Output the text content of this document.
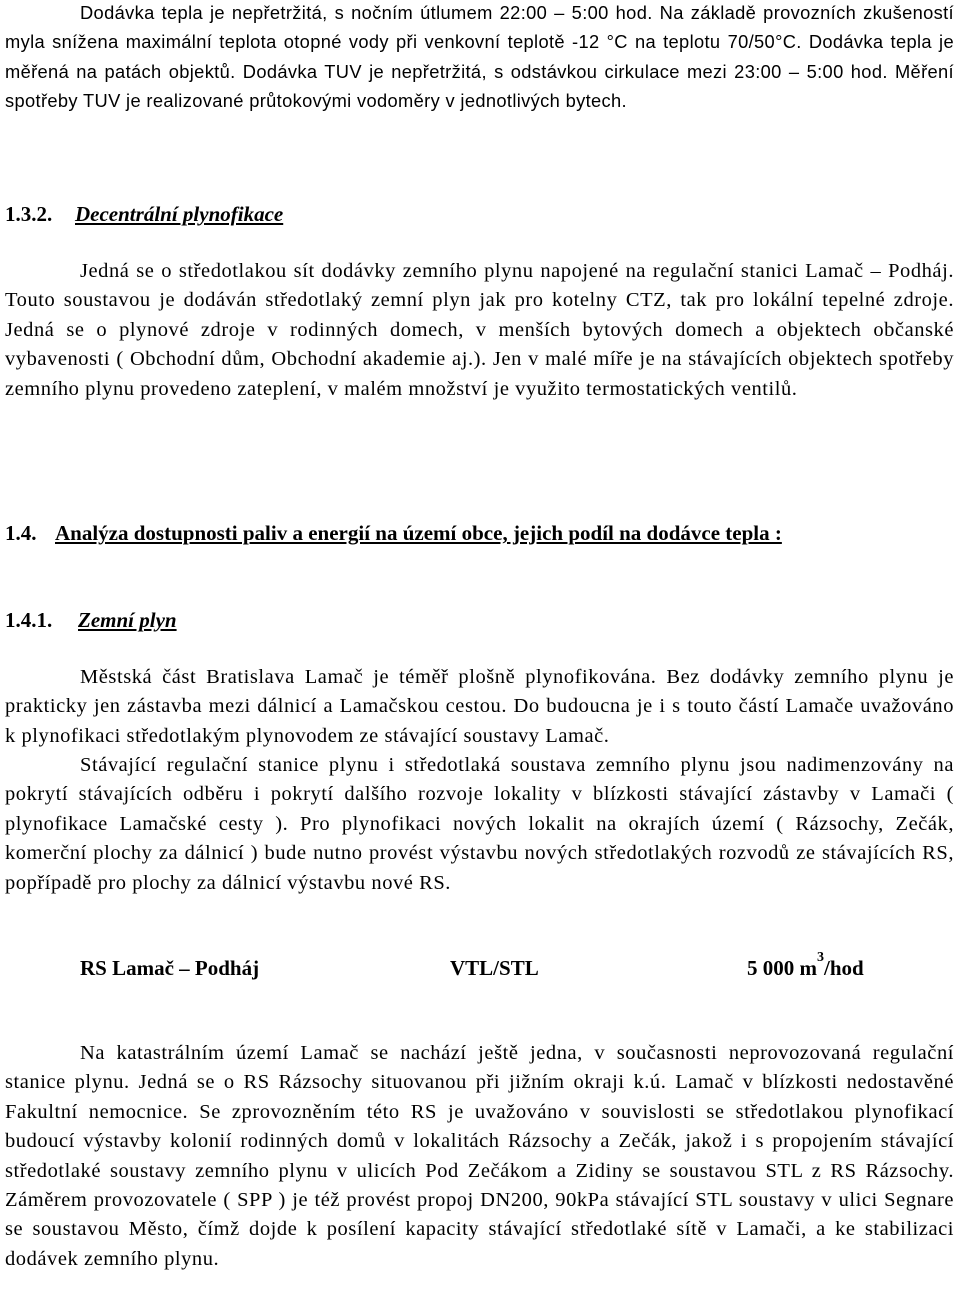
Dodávka tepla je nepřetržitá, s nočním útlumem 22:00 – 5:00 hod. Na základě provozních zkušeností myla snížena maximální teplota otopné vody při venkovní teplotě -12 °C na teplotu 70/50°C. Dodávka tepla je měřená na patách objektů. Dodávka TUV je nepřetržitá, s odstávkou cirkulace mezi 23:00 – 5:00 hod. Měření spotřeby TUV je realizované průtokovými vodoměry v jednotlivých bytech.

1.3.2. Decentrální plynofikace

Jedná se o středotlakou sít dodávky zemního plynu napojené na regulační stanici Lamač – Podháj. Touto soustavou je dodáván středotlaký zemní plyn jak pro kotelny CTZ, tak pro lokální tepelné zdroje. Jedná se o plynové zdroje v rodinných domech, v menších bytových domech a objektech občanské vybavenosti ( Obchodní dům, Obchodní akademie aj.). Jen v malé míře je na stávajících objektech spotřeby zemního plynu provedeno zateplení, v malém množství je využito termostatických ventilů.

1.4. Analýza dostupnosti paliv a energií na území obce, jejich podíl na dodávce tepla :
1.4.1. Zemní plyn

Městská část Bratislava Lamač je téměř plošně plynofikována. Bez dodávky zemního plynu je prakticky jen zástavba mezi dálnicí a Lamačskou cestou. Do budoucna je i s touto částí Lamače uvažováno k plynofikaci středotlakým plynovodem ze stávající soustavy Lamač.

Stávající regulační stanice plynu i středotlaká soustava zemního plynu jsou nadimenzovány na pokrytí stávajících odběru i pokrytí dalšího rozvoje lokality v blízkosti stávající zástavby v Lamači ( plynofikace Lamačské cesty ). Pro plynofikaci nových lokalit na okrajích území ( Rázsochy, Zečák, komerční plochy za dálnicí ) bude nutno provést výstavbu nových středotlakých rozvodů ze stávajících RS, popřípadě pro plochy za dálnicí výstavbu nové RS.

RS Lamač – Podháj	VTL/STL	5 000 $m^3$/hod

Na katastrálním území Lamač se nachází ještě jedna, v současnosti neprovozovaná regulační stanice plynu. Jedná se o RS Rázsochy situovanou při jižním okraji k.ú. Lamač v blízkosti nedostavěné Fakultní nemocnice. Se zprovozněním této RS je uvažováno v souvislosti se středotlakou plynofikací budoucí výstavby kolonií rodinných domů v lokalitách Rázsochy a Zečák, jakož i s propojením stávající středotlaké soustavy zemního plynu v ulicích Pod Zečákom a Zidiny se soustavou STL z RS Rázsochy. Záměrem provozovatele ( SPP ) je též provést propoj DN200, 90kPa stávající STL soustavy v ulici Segnare se soustavou Město, čímž dojde k posílení kapacity stávající středotlaké sítě v Lamači, a ke stabilizaci dodávek zemního plynu.
